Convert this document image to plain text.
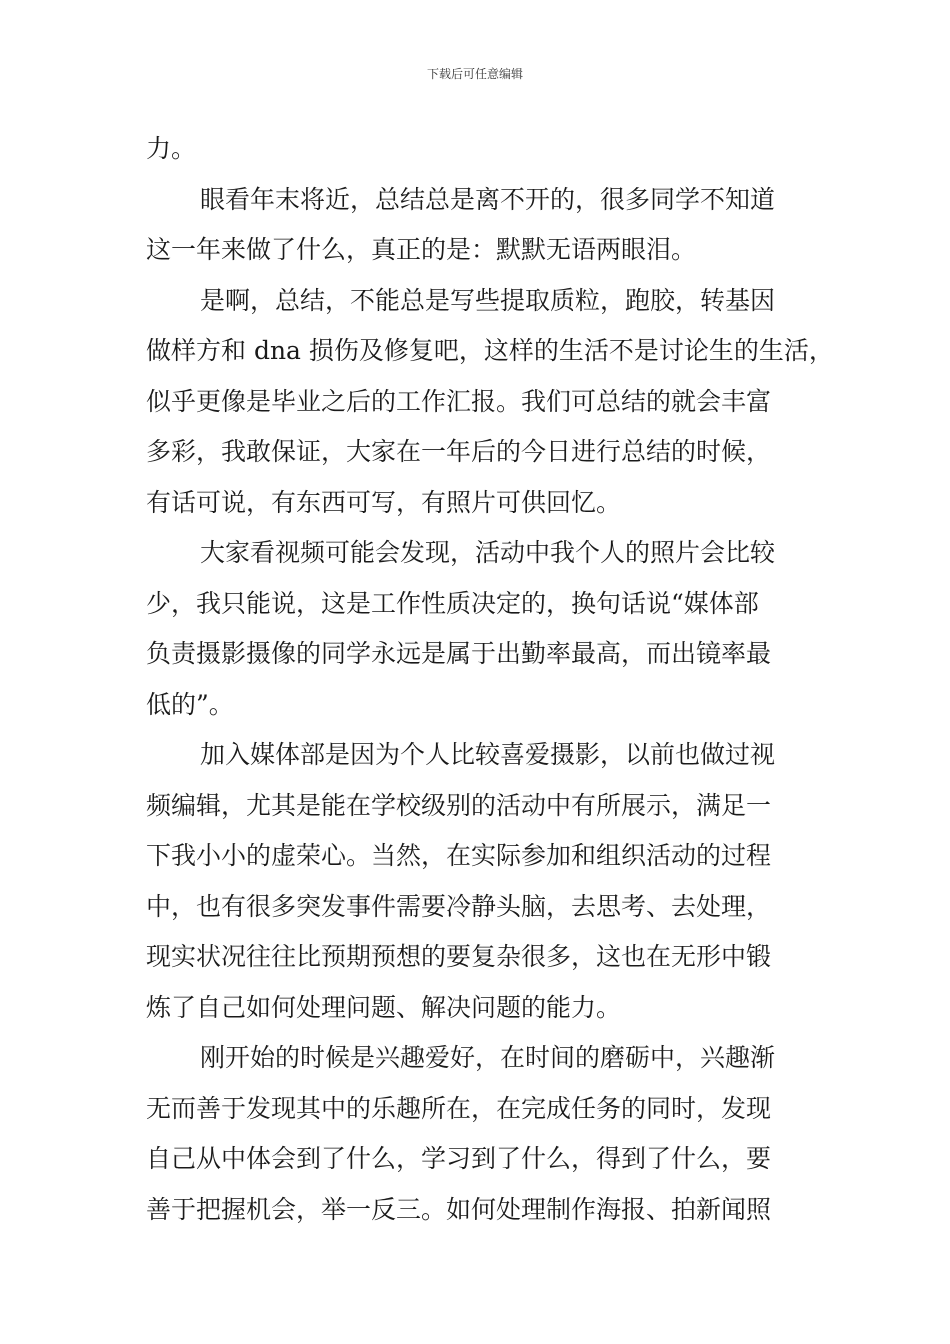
下载后可任意编辑
力。
眼看年末将近，总结总是离不开的，很多同学不知道
这一年来做了什么，真正的是：默默无语两眼泪。
是啊，总结，不能总是写些提取质粒，跑胶，转基因
做样方和 dna 损伤及修复吧，这样的生活不是讨论生的生活，
似乎更像是毕业之后的工作汇报。我们可总结的就会丰富
多彩，我敢保证，大家在一年后的今日进行总结的时候，
有话可说，有东西可写，有照片可供回忆。
大家看视频可能会发现，活动中我个人的照片会比较
少，我只能说，这是工作性质决定的，换句话说“媒体部
负责摄影摄像的同学永远是属于出勤率最高，而出镜率最
低的”。
加入媒体部是因为个人比较喜爱摄影，以前也做过视
频编辑，尤其是能在学校级别的活动中有所展示，满足一
下我小小的虚荣心。当然，在实际参加和组织活动的过程
中，也有很多突发事件需要冷静头脑，去思考、去处理，
现实状况往往比预期预想的要复杂很多，这也在无形中锻
炼了自己如何处理问题、解决问题的能力。
刚开始的时候是兴趣爱好，在时间的磨砺中，兴趣渐
无而善于发现其中的乐趣所在，在完成任务的同时，发现
自己从中体会到了什么，学习到了什么，得到了什么，要
善于把握机会，举一反三。如何处理制作海报、拍新闻照
